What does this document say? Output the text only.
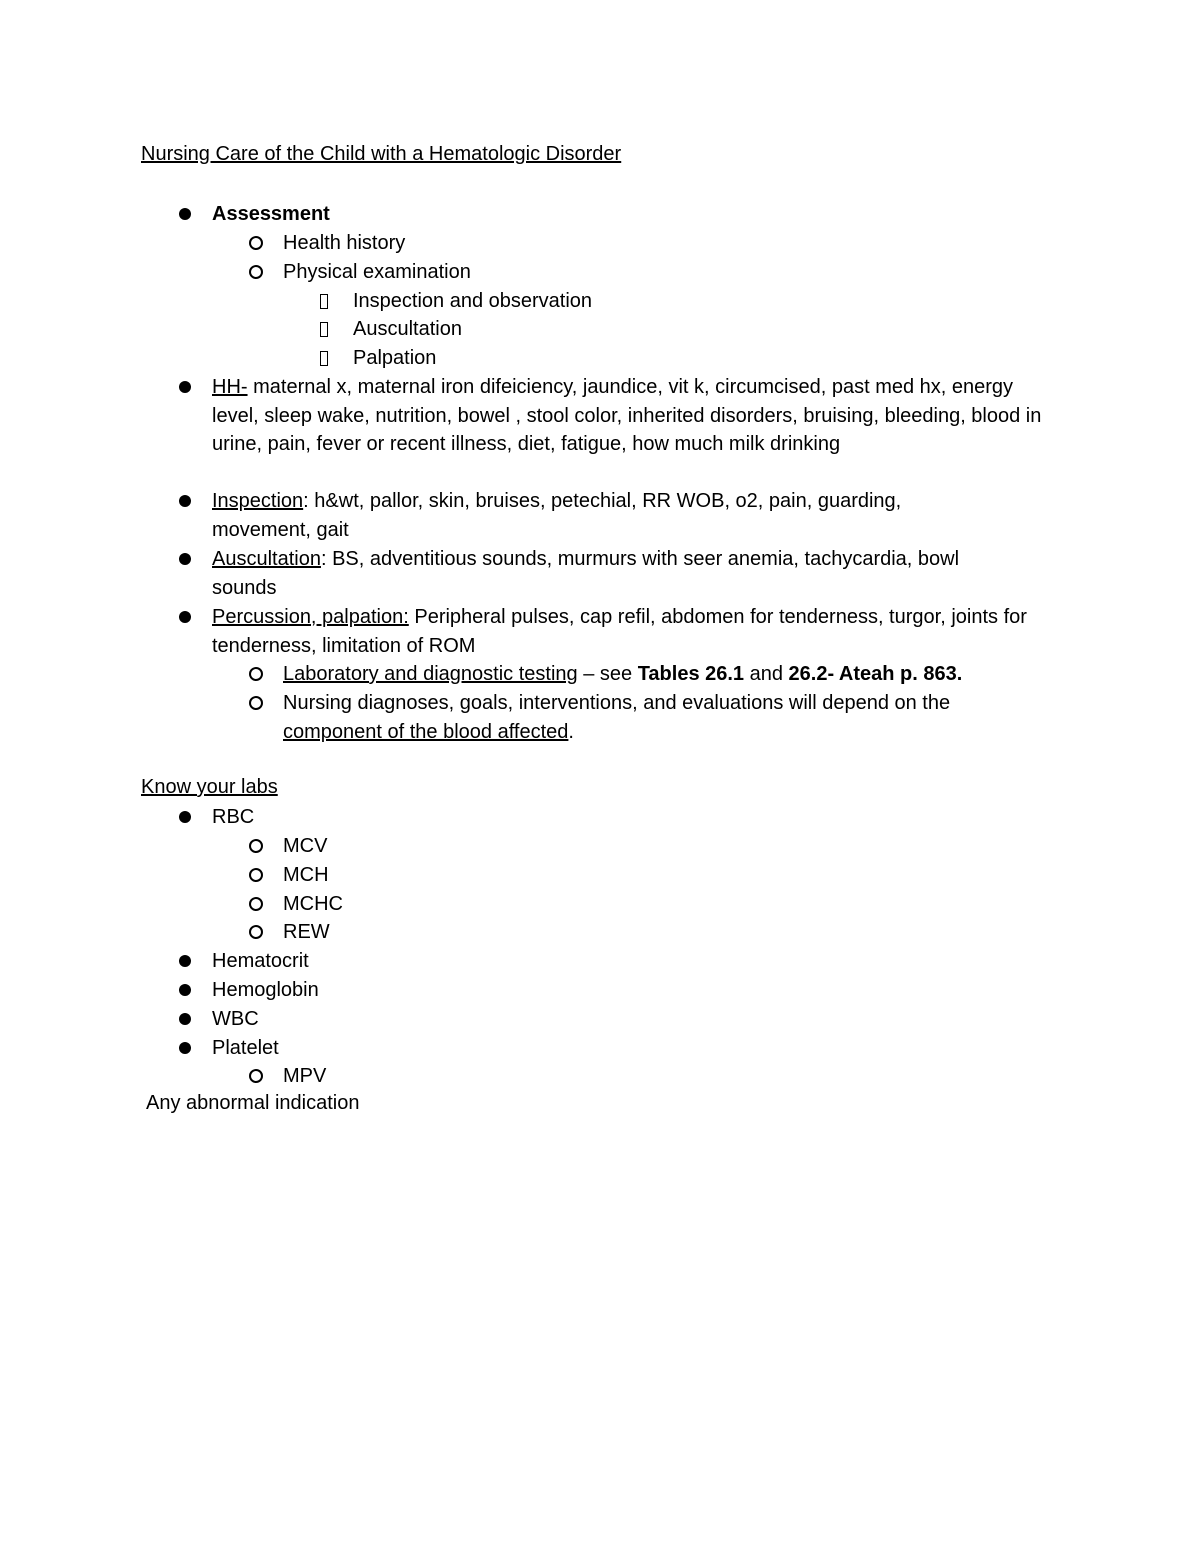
Nursing Care of the Child with a Hematologic Disorder
Assessment
Health history
Physical examination
Inspection and observation
Auscultation
Palpation
HH- maternal x, maternal iron difeiciency, jaundice, vit k, circumcised, past med hx, energy level, sleep wake, nutrition, bowel , stool color, inherited disorders, bruising, bleeding, blood in urine, pain, fever or recent illness, diet, fatigue, how much milk drinking
Inspection: h&wt, pallor, skin, bruises, petechial, RR WOB, o2, pain, guarding, movement, gait
Auscultation: BS, adventitious sounds, murmurs with seer anemia, tachycardia, bowl sounds
Percussion, palpation: Peripheral pulses, cap refil, abdomen for tenderness, turgor, joints for tenderness, limitation of ROM
Laboratory and diagnostic testing – see Tables 26.1 and 26.2- Ateah p. 863.
Nursing diagnoses, goals, interventions, and evaluations will depend on the component of the blood affected.
Know your labs
RBC
MCV
MCH
MCHC
REW
Hematocrit
Hemoglobin
WBC
Platelet
MPV
Any abnormal indication
